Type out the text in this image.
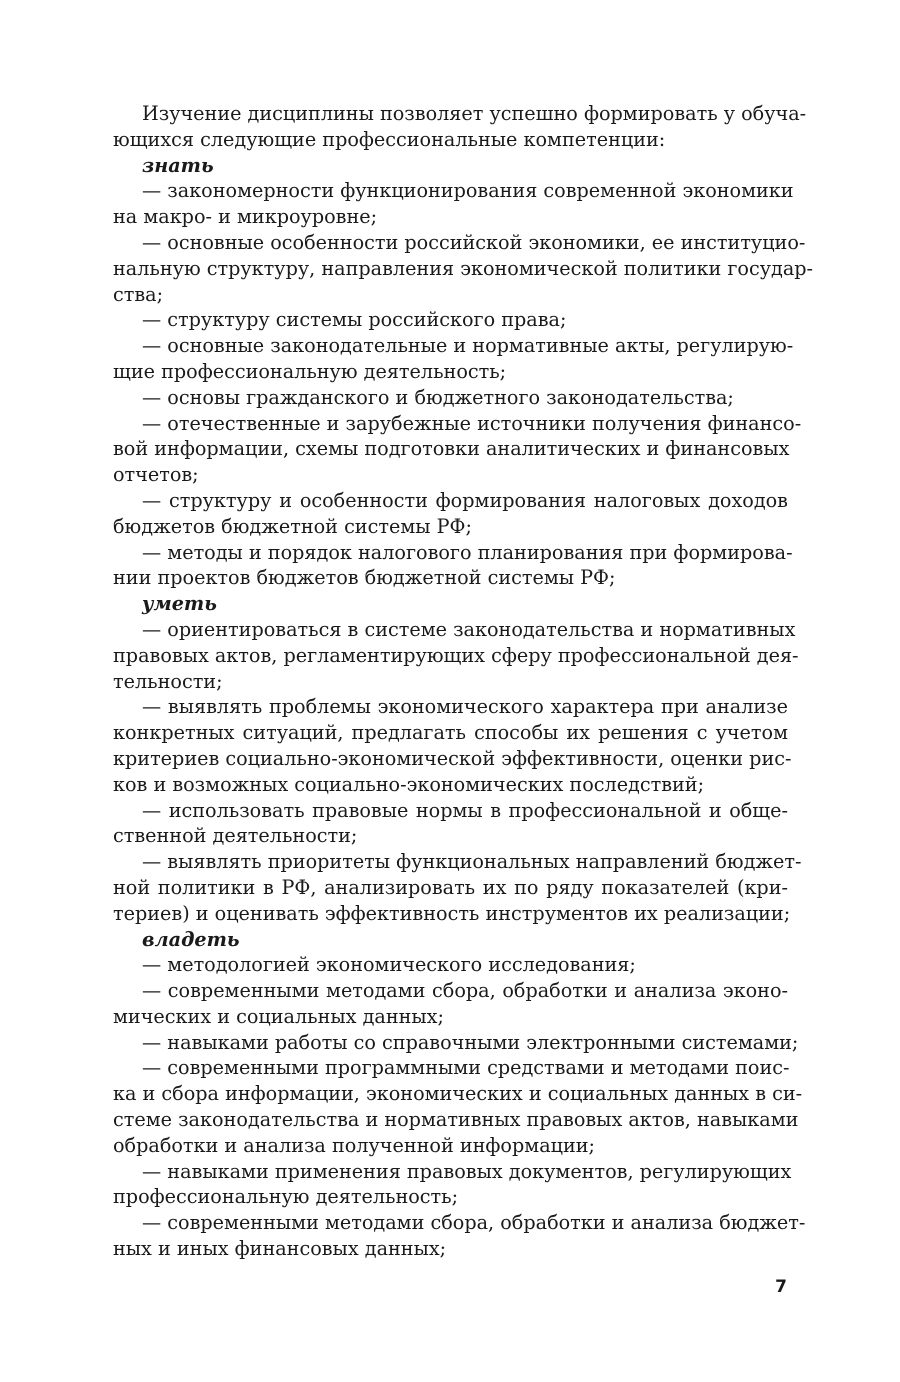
Изучение дисциплины позволяет успешно формировать у обуча-

ющихся следующие профессиональные компетенции:

знать

— закономерности функционирования современной экономики

на макро- и микроуровне;

— основные особенности российской экономики, ее институцио-

нальную структуру, направления экономической политики государ-

ства;

— структуру системы российского права;

— основные законодательные и нормативные акты, регулирую-

щие профессиональную деятельность;

— основы гражданского и бюджетного законодательства;

— отечественные и зарубежные источники получения финансо-

вой информации, схемы подготовки аналитических и финансовых

отчетов;

— структуру и особенности формирования налоговых доходов

бюджетов бюджетной системы РФ;

— методы и порядок налогового планирования при формирова-

нии проектов бюджетов бюджетной системы РФ;

уметь

— ориентироваться в системе законодательства и нормативных

правовых актов, регламентирующих сферу профессиональной дея-

тельности;

— выявлять проблемы экономического характера при анализе

конкретных ситуаций, предлагать способы их решения с учетом

критериев социально-экономической эффективности, оценки рис-

ков и возможных социально-экономических последствий;

— использовать правовые нормы в профессиональной и обще-

ственной деятельности;

— выявлять приоритеты функциональных направлений бюджет-

ной политики в РФ, анализировать их по ряду показателей (кри-

териев) и оценивать эффективность инструментов их реализации;

владеть

— методологией экономического исследования;

— современными методами сбора, обработки и анализа эконо-

мических и социальных данных;

— навыками работы со справочными электронными системами;

— современными программными средствами и методами поис-

ка и сбора информации, экономических и социальных данных в си-

стеме законодательства и нормативных правовых актов, навыками

обработки и анализа полученной информации;

— навыками применения правовых документов, регулирующих

профессиональную деятельность;

— современными методами сбора, обработки и анализа бюджет-

ных и иных финансовых данных;

7
